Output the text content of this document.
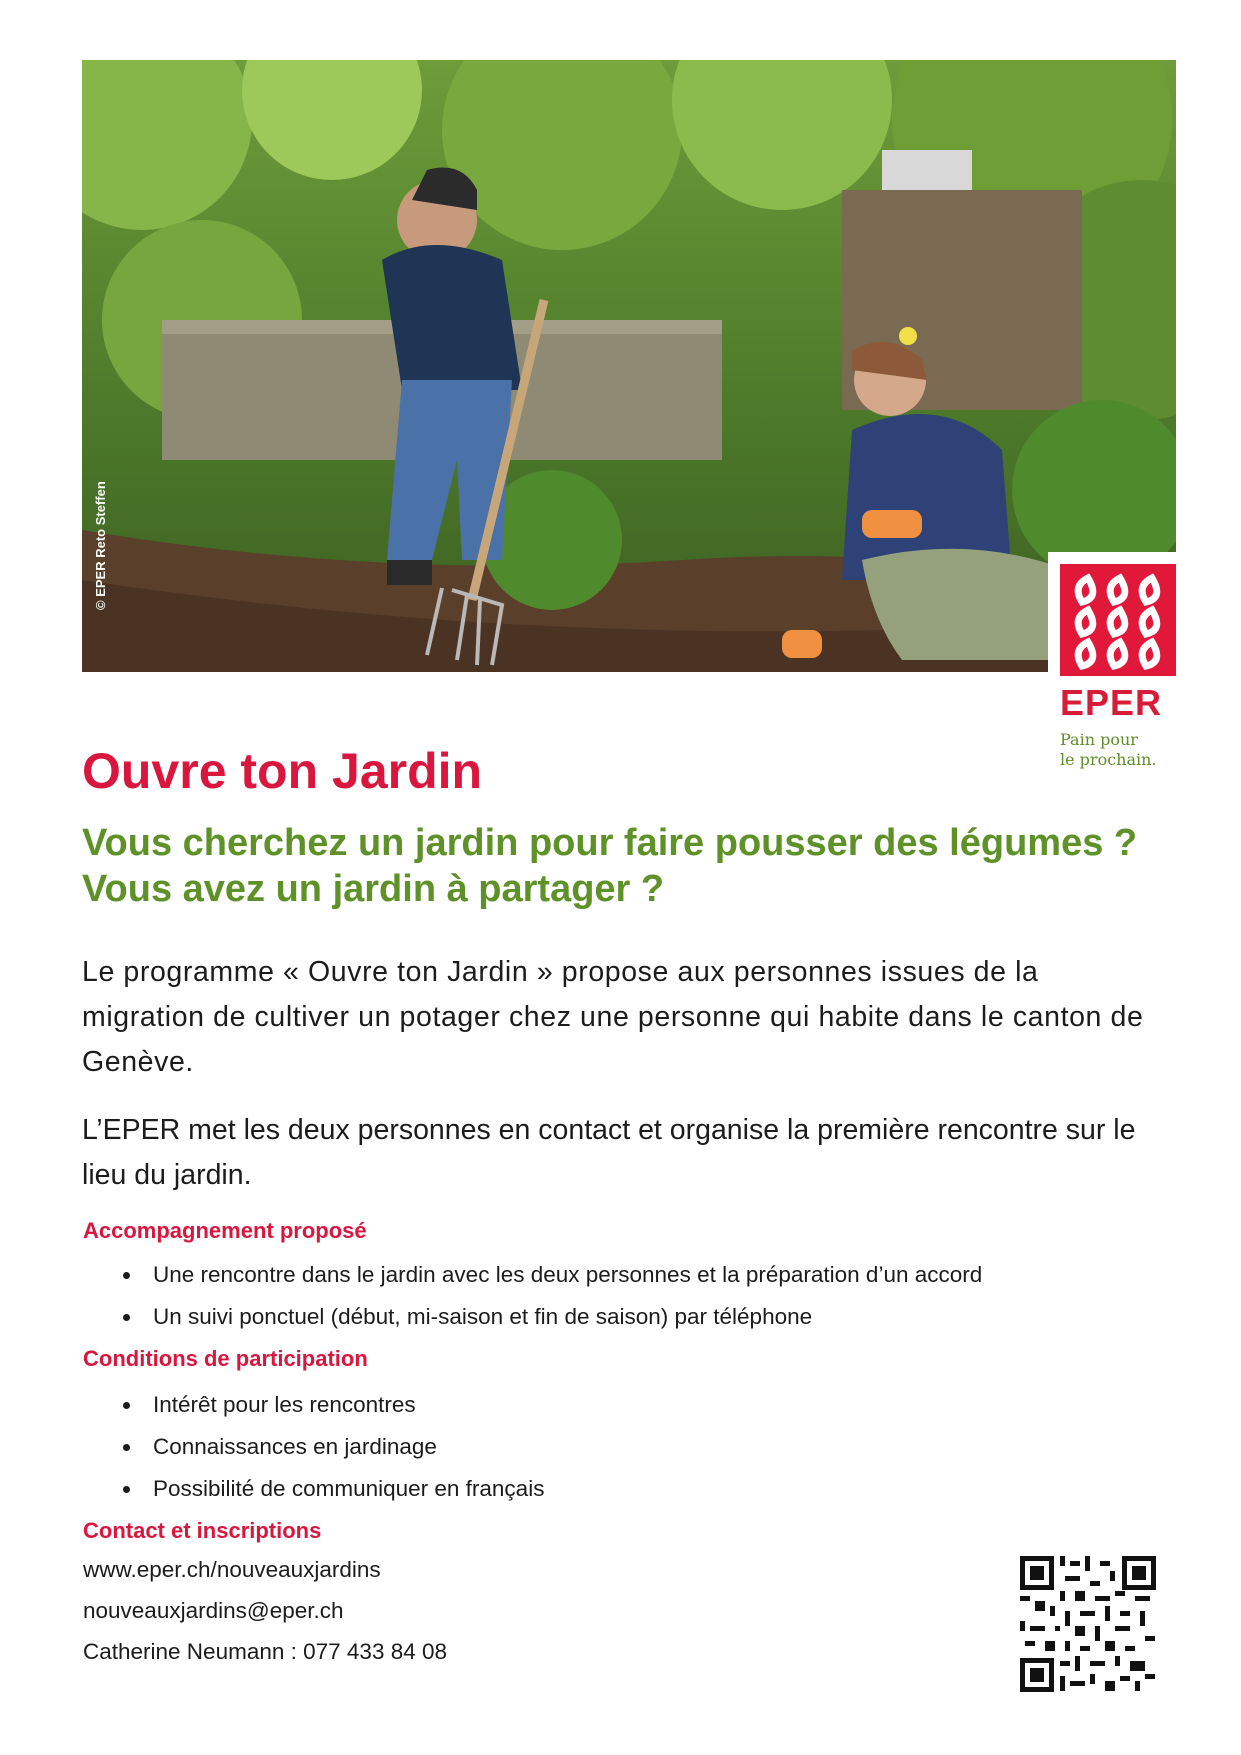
© EPER Reto Steffen
EPER
Pain pour
le prochain.
Ouvre ton Jardin
Vous cherchez un jardin pour faire pousser des légumes ? Vous avez un jardin à partager ?

Le programme « Ouvre ton Jardin » propose aux personnes issues de la migration de cultiver un potager chez une personne qui habite dans le canton de Genève.

L’EPER met les deux personnes en contact et organise la première rencontre sur le lieu du jardin.

Accompagnement proposé
Une rencontre dans le jardin avec les deux personnes et la préparation d’un accord
Un suivi ponctuel (début, mi-saison et fin de saison) par téléphone
Conditions de participation
Intérêt pour les rencontres
Connaissances en jardinage
Possibilité de communiquer en français
Contact et inscriptions
www.eper.ch/nouveauxjardins
nouveauxjardins@eper.ch
Catherine Neumann : 077 433 84 08
